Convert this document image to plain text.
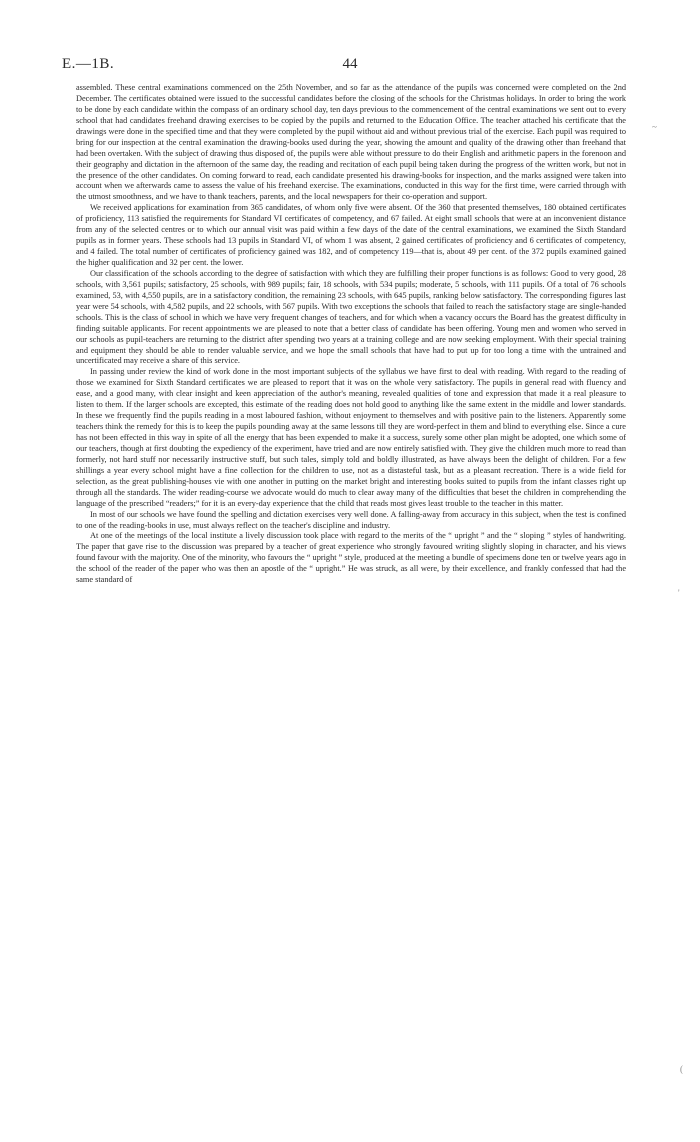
E.—1B.	44
~
'
(

assembled. These central examinations commenced on the 25th November, and so far as the attendance of the pupils was concerned were completed on the 2nd December. The certificates obtained were issued to the successful candidates before the closing of the schools for the Christmas holidays. In order to bring the work to be done by each candidate within the compass of an ordinary school day, ten days previous to the commencement of the central examinations we sent out to every school that had candidates freehand drawing exercises to be copied by the pupils and returned to the Education Office. The teacher attached his certificate that the drawings were done in the specified time and that they were completed by the pupil without aid and without previous trial of the exercise. Each pupil was required to bring for our inspection at the central examination the drawing-books used during the year, showing the amount and quality of the drawing other than freehand that had been overtaken. With the subject of drawing thus disposed of, the pupils were able without pressure to do their English and arithmetic papers in the forenoon and their geography and dictation in the afternoon of the same day, the reading and recitation of each pupil being taken during the progress of the written work, but not in the presence of the other candidates. On coming forward to read, each candidate presented his drawing-books for inspection, and the marks assigned were taken into account when we afterwards came to assess the value of his freehand exercise. The examinations, conducted in this way for the first time, were carried through with the utmost smoothness, and we have to thank teachers, parents, and the local newspapers for their co-operation and support.

We received applications for examination from 365 candidates, of whom only five were absent. Of the 360 that presented themselves, 180 obtained certificates of proficiency, 113 satisfied the requirements for Standard VI certificates of competency, and 67 failed. At eight small schools that were at an inconvenient distance from any of the selected centres or to which our annual visit was paid within a few days of the date of the central examinations, we examined the Sixth Standard pupils as in former years. These schools had 13 pupils in Standard VI, of whom 1 was absent, 2 gained certificates of proficiency and 6 certificates of competency, and 4 failed. The total number of certificates of proficiency gained was 182, and of competency 119—that is, about 49 per cent. of the 372 pupils examined gained the higher qualification and 32 per cent. the lower.

Our classification of the schools according to the degree of satisfaction with which they are fulfilling their proper functions is as follows: Good to very good, 28 schools, with 3,561 pupils; satisfactory, 25 schools, with 989 pupils; fair, 18 schools, with 534 pupils; moderate, 5 schools, with 111 pupils. Of a total of 76 schools examined, 53, with 4,550 pupils, are in a satisfactory condition, the remaining 23 schools, with 645 pupils, ranking below satisfactory. The corresponding figures last year were 54 schools, with 4,582 pupils, and 22 schools, with 567 pupils. With two exceptions the schools that failed to reach the satisfactory stage are single-handed schools. This is the class of school in which we have very frequent changes of teachers, and for which when a vacancy occurs the Board has the greatest difficulty in finding suitable applicants. For recent appointments we are pleased to note that a better class of candidate has been offering. Young men and women who served in our schools as pupil-teachers are returning to the district after spending two years at a training college and are now seeking employment. With their special training and equipment they should be able to render valuable service, and we hope the small schools that have had to put up for too long a time with the untrained and uncertificated may receive a share of this service.

In passing under review the kind of work done in the most important subjects of the syllabus we have first to deal with reading. With regard to the reading of those we examined for Sixth Standard certificates we are pleased to report that it was on the whole very satisfactory. The pupils in general read with fluency and ease, and a good many, with clear insight and keen appreciation of the author's meaning, revealed qualities of tone and expression that made it a real pleasure to listen to them. If the larger schools are excepted, this estimate of the reading does not hold good to anything like the same extent in the middle and lower standards. In these we frequently find the pupils reading in a most laboured fashion, without enjoyment to themselves and with positive pain to the listeners. Apparently some teachers think the remedy for this is to keep the pupils pounding away at the same lessons till they are word-perfect in them and blind to everything else. Since a cure has not been effected in this way in spite of all the energy that has been expended to make it a success, surely some other plan might be adopted, one which some of our teachers, though at first doubting the expediency of the experiment, have tried and are now entirely satisfied with. They give the children much more to read than formerly, not hard stuff nor necessarily instructive stuff, but such tales, simply told and boldly illustrated, as have always been the delight of children. For a few shillings a year every school might have a fine collection for the children to use, not as a distasteful task, but as a pleasant recreation. There is a wide field for selection, as the great publishing-houses vie with one another in putting on the market bright and interesting books suited to pupils from the infant classes right up through all the standards. The wider reading-course we advocate would do much to clear away many of the difficulties that beset the children in comprehending the language of the prescribed “readers;” for it is an every-day experience that the child that reads most gives least trouble to the teacher in this matter.

In most of our schools we have found the spelling and dictation exercises very well done. A falling-away from accuracy in this subject, when the test is confined to one of the reading-books in use, must always reflect on the teacher's discipline and industry.

At one of the meetings of the local institute a lively discussion took place with regard to the merits of the “ upright ” and the “ sloping ” styles of handwriting. The paper that gave rise to the discussion was prepared by a teacher of great experience who strongly favoured writing slightly sloping in character, and his views found favour with the majority. One of the minority, who favours the “ upright ” style, produced at the meeting a bundle of specimens done ten or twelve years ago in the school of the reader of the paper who was then an apostle of the “ upright.” He was struck, as all were, by their excellence, and frankly confessed that had the same standard of
